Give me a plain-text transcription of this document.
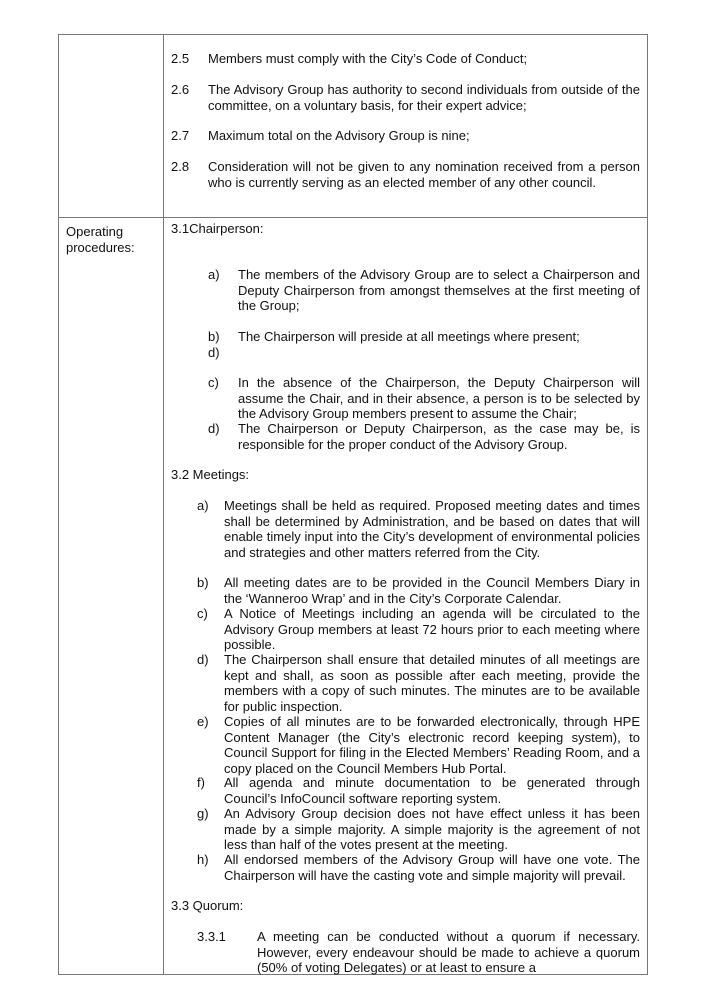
Operating procedures:
2.5 Members must comply with the City’s Code of Conduct;
2.6 The Advisory Group has authority to second individuals from outside of the committee, on a voluntary basis, for their expert advice;
2.7 Maximum total on the Advisory Group is nine;
2.8 Consideration will not be given to any nomination received from a person who is currently serving as an elected member of any other council.
3.1Chairperson:
a) The members of the Advisory Group are to select a Chairperson and Deputy Chairperson from amongst themselves at the first meeting of the Group;
b) The Chairperson will preside at all meetings where present;
d)
c) In the absence of the Chairperson, the Deputy Chairperson will assume the Chair, and in their absence, a person is to be selected by the Advisory Group members present to assume the Chair;
d) The Chairperson or Deputy Chairperson, as the case may be, is responsible for the proper conduct of the Advisory Group.
3.2 Meetings:
a) Meetings shall be held as required. Proposed meeting dates and times shall be determined by Administration, and be based on dates that will enable timely input into the City’s development of environmental policies and strategies and other matters referred from the City.
b) All meeting dates are to be provided in the Council Members Diary in the ‘Wanneroo Wrap’ and in the City’s Corporate Calendar.
c) A Notice of Meetings including an agenda will be circulated to the Advisory Group members at least 72 hours prior to each meeting where possible.
d) The Chairperson shall ensure that detailed minutes of all meetings are kept and shall, as soon as possible after each meeting, provide the members with a copy of such minutes. The minutes are to be available for public inspection.
e) Copies of all minutes are to be forwarded electronically, through HPE Content Manager (the City’s electronic record keeping system), to Council Support for filing in the Elected Members’ Reading Room, and a copy placed on the Council Members Hub Portal.
f) All agenda and minute documentation to be generated through Council’s InfoCouncil software reporting system.
g) An Advisory Group decision does not have effect unless it has been made by a simple majority. A simple majority is the agreement of not less than half of the votes present at the meeting.
h) All endorsed members of the Advisory Group will have one vote. The Chairperson will have the casting vote and simple majority will prevail.
3.3 Quorum:
3.3.1 A meeting can be conducted without a quorum if necessary. However, every endeavour should be made to achieve a quorum (50% of voting Delegates) or at least to ensure a
